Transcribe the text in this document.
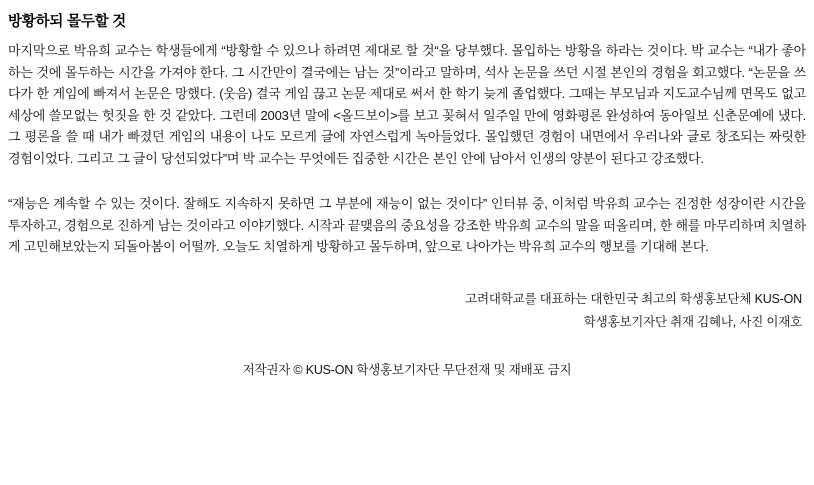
방황하되 몰두할 것

마지막으로 박유희 교수는 학생들에게 “방황할 수 있으나 하려면 제대로 할 것“을 당부했다. 몰입하는 방황을 하라는 것이다. 박 교수는 “내가 좋아하는 것에 몰두하는 시간을 가져야 한다. 그 시간만이 결국에는 남는 것”이라고 말하며, 석사 논문을 쓰던 시절 본인의 경험을 회고했다. “논문을 쓰다가 한 게임에 빠져서 논문은 망했다. (웃음) 결국 게임 끊고 논문 제대로 써서 한 학기 늦게 졸업했다. 그때는 부모님과 지도교수님께 면목도 없고 세상에 쓸모없는 헛짓을 한 것 같았다. 그런데 2003년 말에 <올드보이>를 보고 꽂혀서 일주일 만에 영화평론 완성하여 동아일보 신춘문예에 냈다. 그 평론을 쓸 때 내가 빠졌던 게임의 내용이 나도 모르게 글에 자연스럽게 녹아들었다. 몰입했던 경험이 내면에서 우러나와 글로 창조되는 짜릿한 경험이었다. 그리고 그 글이 당선되었다”며 박 교수는 무엇에든 집중한 시간은 본인 안에 남아서 인생의 양분이 된다고 강조했다.

“재능은 계속할 수 있는 것이다. 잘해도 지속하지 못하면 그 부분에 재능이 없는 것이다” 인터뷰 중, 이처럼 박유희 교수는 진정한 성장이란 시간을 투자하고, 경험으로 진하게 남는 것이라고 이야기했다. 시작과 끝맺음의 중요성을 강조한 박유희 교수의 말을 떠올리며, 한 해를 마무리하며 치열하게 고민해보았는지 되돌아봄이 어떨까. 오늘도 치열하게 방황하고 몰두하며, 앞으로 나아가는 박유희 교수의 행보를 기대해 본다.

고려대학교를 대표하는 대한민국 최고의 학생홍보단체 KUS-ON
학생홍보기자단 취재 김혜나, 사진 이재호
저작권자 © KUS-ON 학생홍보기자단 무단전재 및 재배포 금지
